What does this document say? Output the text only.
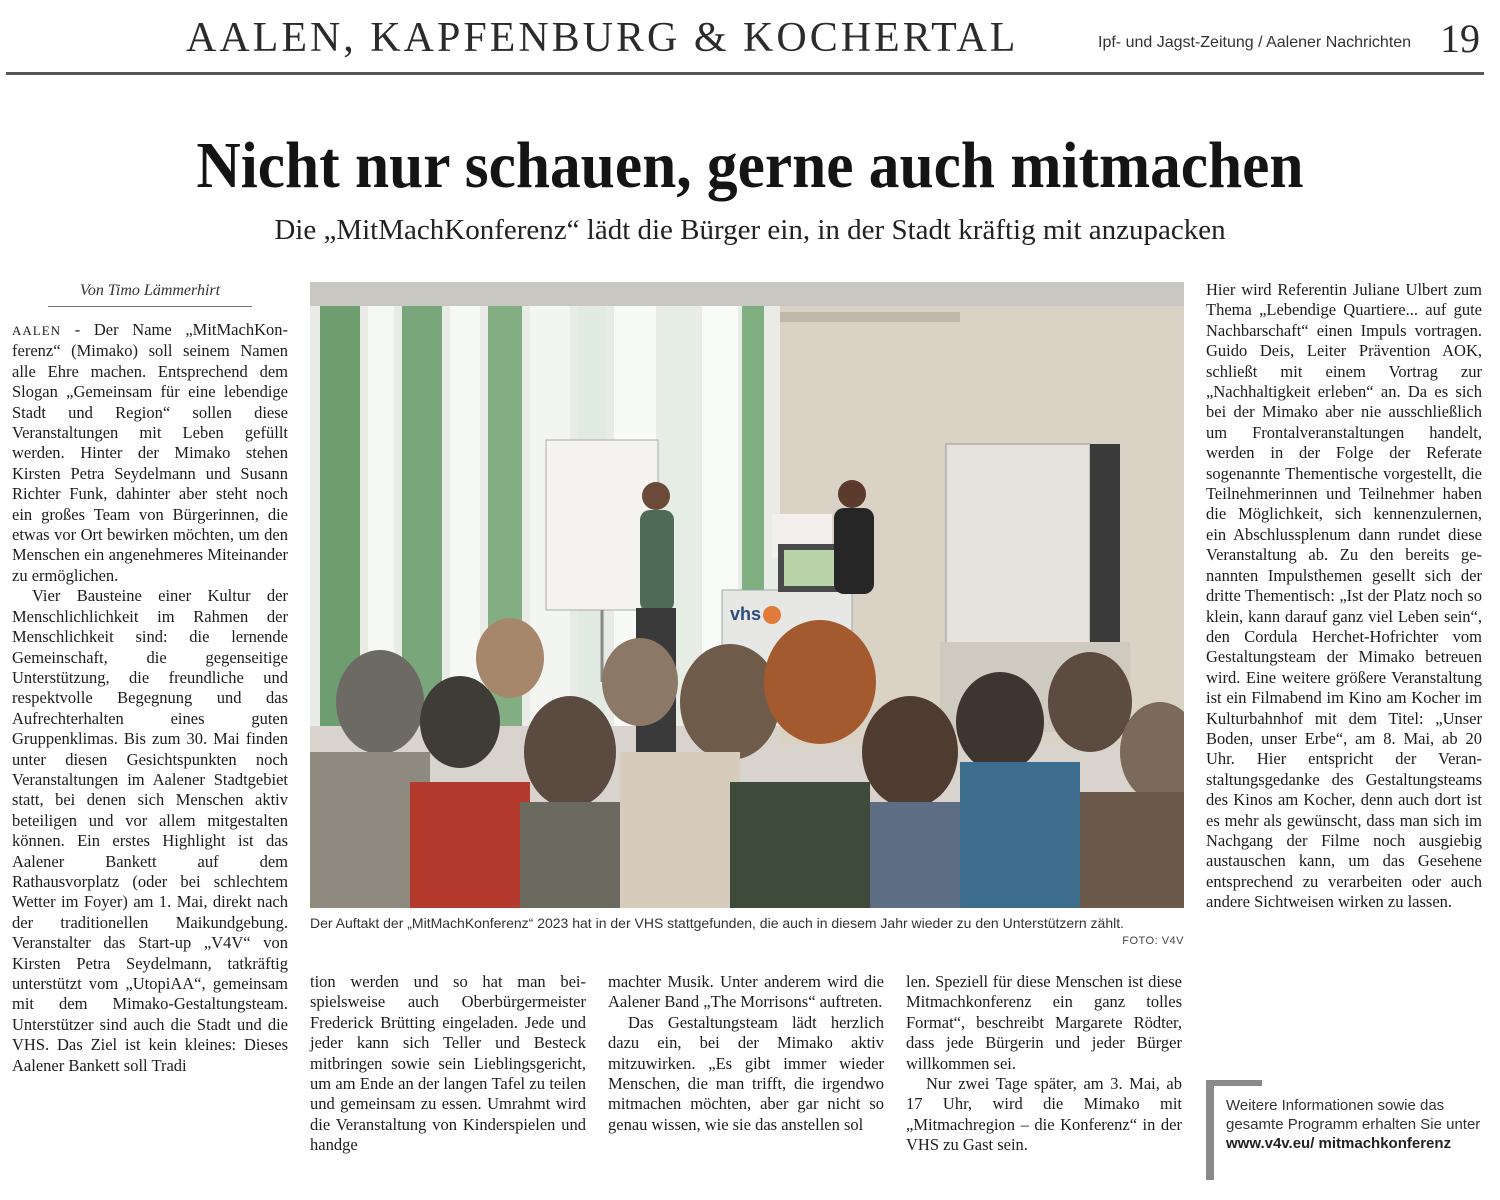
AALEN, KAPFENBURG & KOCHERTAL	Ipf- und Jagst-Zeitung / Aalener Nachrichten 19
Nicht nur schauen, gerne auch mitmachen
Die „MitMachKonferenz“ lädt die Bürger ein, in der Stadt kräftig mit anzupacken
Von Timo Lämmerhirt

AALEN - Der Name „MitMachKonferenz“ (Mimako) soll seinem Namen alle Ehre machen. Entsprechend dem Slogan „Gemeinsam für eine lebendige Stadt und Region“ sollen diese Veranstaltungen mit Leben gefüllt werden. Hinter der Mimako stehen Kirsten Petra Seydelmann und Susann Richter Funk, dahinter aber steht noch ein großes Team von Bürgerinnen, die etwas vor Ort bewirken möchten, um den Menschen ein angenehmeres Miteinander zu ermöglichen.

Vier Bausteine einer Kultur der Menschlichlichkeit im Rahmen der Menschlichkeit sind: die lernende Gemeinschaft, die gegenseitige Unterstützung, die freundliche und respektvolle Begegnung und das Aufrechterhalten eines guten Gruppenklimas. Bis zum 30. Mai finden unter diesen Gesichtspunkten noch Veranstaltungen im Aalener Stadtgebiet statt, bei denen sich Menschen aktiv beteiligen und vor allem mitgestalten können. Ein erstes Highlight ist das Aalener Bankett auf dem Rathausvorplatz (oder bei schlechtem Wetter im Foyer) am 1. Mai, direkt nach der traditionellen Maikundgebung. Veranstalter das Start-up „V4V“ von Kirsten Petra Seydelmann, tatkräftig unterstützt vom „UtopiAA“, gemeinsam mit dem Mimako-Gestaltungsteam. Unterstützer sind auch die Stadt und die VHS. Das Ziel ist kein kleines: Dieses Aalener Bankett soll Tradi

vhs
Der Auftakt der „MitMachKonferenz“ 2023 hat in der VHS stattgefunden, die auch in diesem Jahr wieder zu den Unterstützern zählt.
FOTO: V4V

tion werden und so hat man beispielsweise auch Oberbürgermeister Frederick Brütting eingeladen. Jede und jeder kann sich Teller und Besteck mitbringen sowie sein Lieblingsgericht, um am Ende an der langen Tafel zu teilen und gemeinsam zu essen. Umrahmt wird die Veranstaltung von Kinderspielen und handge

machter Musik. Unter anderem wird die Aalener Band „The Morrisons“ auftreten.

Das Gestaltungsteam lädt herzlich dazu ein, bei der Mimako aktiv mitzuwirken. „Es gibt immer wieder Menschen, die man trifft, die irgendwo mitmachen möchten, aber gar nicht so genau wissen, wie sie das anstellen sol

len. Speziell für diese Menschen ist diese Mitmachkonferenz ein ganz tolles Format“, beschreibt Margarete Rödter, dass jede Bürgerin und jeder Bürger willkommen sei.

Nur zwei Tage später, am 3. Mai, ab 17 Uhr, wird die Mimako mit „Mitmachregion – die Konferenz“ in der VHS zu Gast sein.

Hier wird Referentin Juliane Ulbert zum Thema „Lebendige Quartiere... auf gute Nachbarschaft“ einen Impuls vortragen. Guido Deis, Leiter Prävention AOK, schließt mit einem Vortrag zur „Nachhaltigkeit erleben“ an. Da es sich bei der Mimako aber nie ausschließlich um Frontalveranstaltungen handelt, werden in der Folge der Referate sogenannte Thementische vorgestellt, die Teilnehmerinnen und Teilnehmer haben die Möglichkeit, sich kennenzulernen, ein Abschlussplenum dann rundet diese Veranstaltung ab. Zu den bereits genannten Impulsthemen gesellt sich der dritte Thementisch: „Ist der Platz noch so klein, kann darauf ganz viel Leben sein“, den Cordula Herchet-Hofrichter vom Gestaltungsteam der Mimako betreuen wird. Eine weitere größere Veranstaltung ist ein Filmabend im Kino am Kocher im Kulturbahnhof mit dem Titel: „Unser Boden, unser Erbe“, am 8. Mai, ab 20 Uhr. Hier entspricht der Veranstaltungsgedanke des Gestaltungsteams des Kinos am Kocher, denn auch dort ist es mehr als gewünscht, dass man sich im Nachgang der Filme noch ausgiebig austauschen kann, um das Gesehene entsprechend zu verarbeiten oder auch andere Sichtweisen wirken zu lassen.

Weitere Informationen sowie das gesamte Programm erhalten Sie unter www.v4v.eu/ mitmachkonferenz
